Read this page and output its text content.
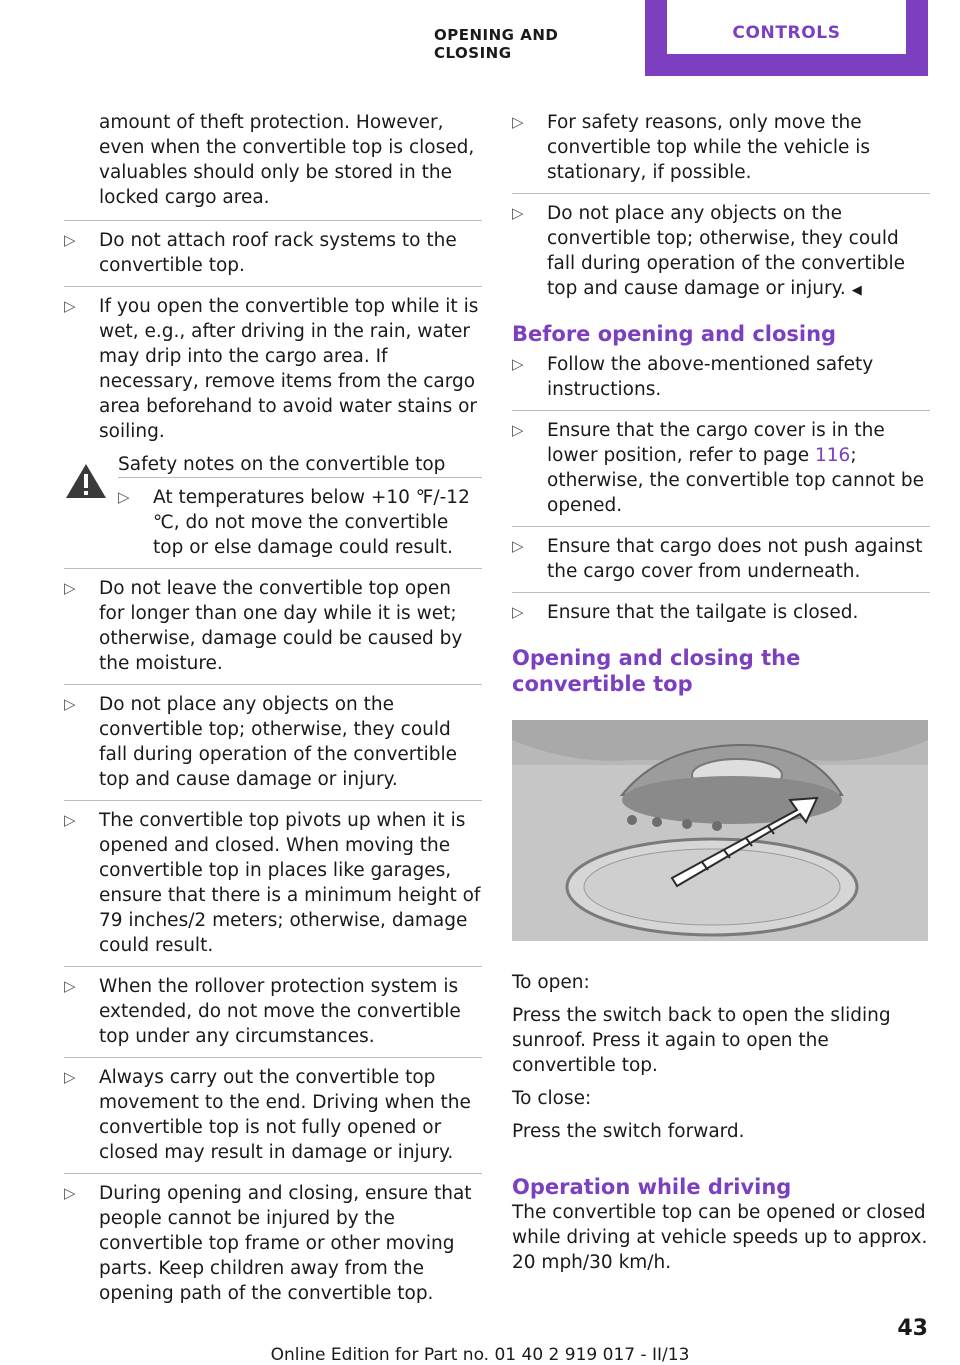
OPENING AND CLOSING
CONTROLS

amount of theft protection. However, even when the convertible top is closed, valuables should only be stored in the locked cargo area.

▷
Do not attach roof rack systems to the convertible top.
▷
If you open the convertible top while it is wet, e.g., after driving in the rain, water may drip into the cargo area. If necessary, remove items from the cargo area beforehand to avoid water stains or soiling.

Safety notes on the convertible top

▷
At temperatures below +10 ℉/-12 ℃, do not move the convertible top or else damage could result.
▷
Do not leave the convertible top open for longer than one day while it is wet; otherwise, damage could be caused by the moisture.
▷
Do not place any objects on the convertible top; otherwise, they could fall during operation of the convertible top and cause damage or injury.
▷
The convertible top pivots up when it is opened and closed. When moving the convertible top in places like garages, ensure that there is a minimum height of 79 inches/2 meters; otherwise, damage could result.
▷
When the rollover protection system is extended, do not move the convertible top under any circumstances.
▷
Always carry out the convertible top movement to the end. Driving when the convertible top is not fully opened or closed may result in damage or injury.
▷
During opening and closing, ensure that people cannot be injured by the convertible top frame or other moving parts. Keep children away from the opening path of the convertible top.
▷
For safety reasons, only move the convertible top while the vehicle is stationary, if possible.
▷
Do not place any objects on the convertible top; otherwise, they could fall during operation of the convertible top and cause damage or injury. ◀
Before opening and closing
▷
Follow the above-mentioned safety instructions.
▷
Ensure that the cargo cover is in the lower position, refer to page 116; otherwise, the convertible top cannot be opened.
▷
Ensure that cargo does not push against the cargo cover from underneath.
▷
Ensure that the tailgate is closed.
Opening and closing the convertible top

To open:

Press the switch back to open the sliding sunroof. Press it again to open the convertible top.

To close:

Press the switch forward.

Operation while driving

The convertible top can be opened or closed while driving at vehicle speeds up to approx. 20 mph/30 km/h.

43
Online Edition for Part no. 01 40 2 919 017 - II/13
